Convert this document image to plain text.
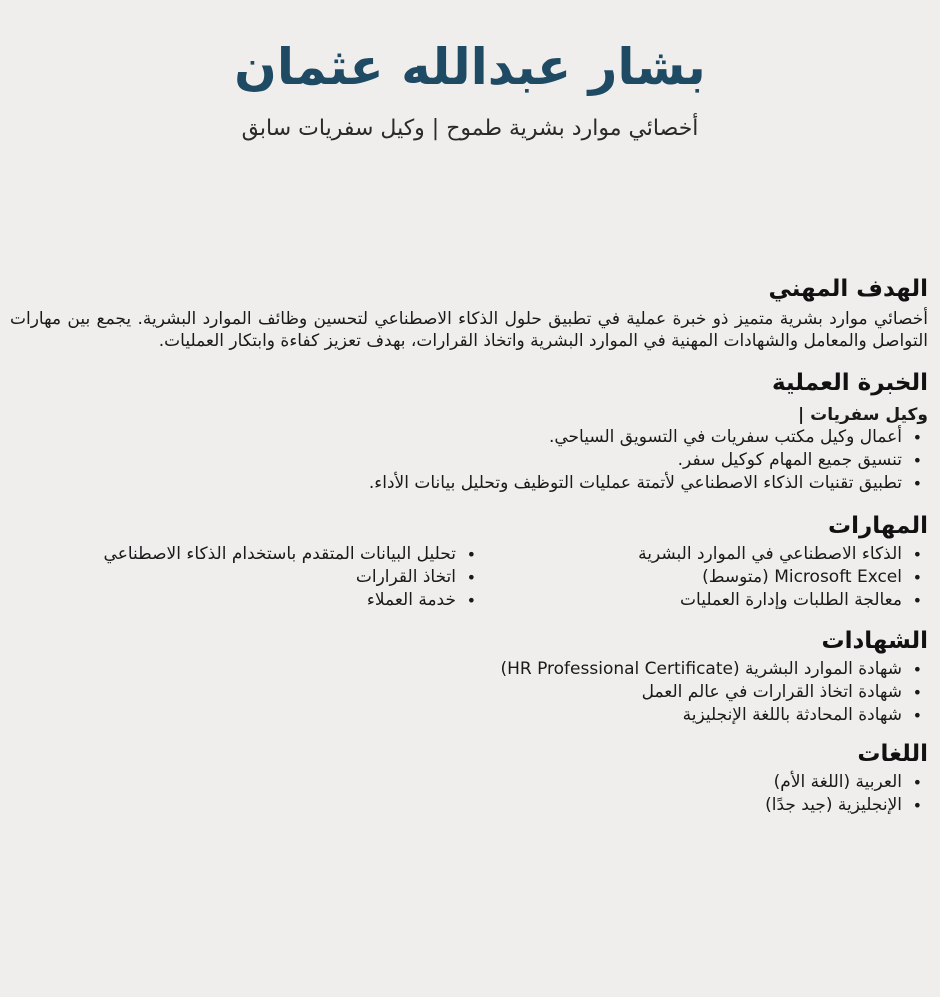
بشار عبدالله عثمان
أخصائي موارد بشرية طموح | وكيل سفريات سابق
الهدف المهني

أخصائي موارد بشرية متميز ذو خبرة عملية في تطبيق حلول الذكاء الاصطناعي لتحسين وظائف الموارد البشرية. يجمع بين مهارات التواصل والمعامل والشهادات المهنية في الموارد البشرية واتخاذ القرارات، بهدف تعزيز كفاءة وابتكار العمليات.

الخبرة العملية
وكيل سفريات |
• أعمال وكيل مكتب سفريات في التسويق السياحي.
• تنسيق جميع المهام كوكيل سفر.
• تطبيق تقنيات الذكاء الاصطناعي لأتمتة عمليات التوظيف وتحليل بيانات الأداء.
المهارات
• الذكاء الاصطناعي في الموارد البشرية
• Microsoft Excel (متوسط)
• معالجة الطلبات وإدارة العمليات
• تحليل البيانات المتقدم باستخدام الذكاء الاصطناعي
• اتخاذ القرارات
• خدمة العملاء
الشهادات
• شهادة الموارد البشرية (HR Professional Certificate)
• شهادة اتخاذ القرارات في عالم العمل
• شهادة المحادثة باللغة الإنجليزية
اللغات
• العربية (اللغة الأم)
• الإنجليزية (جيد جدًا)
